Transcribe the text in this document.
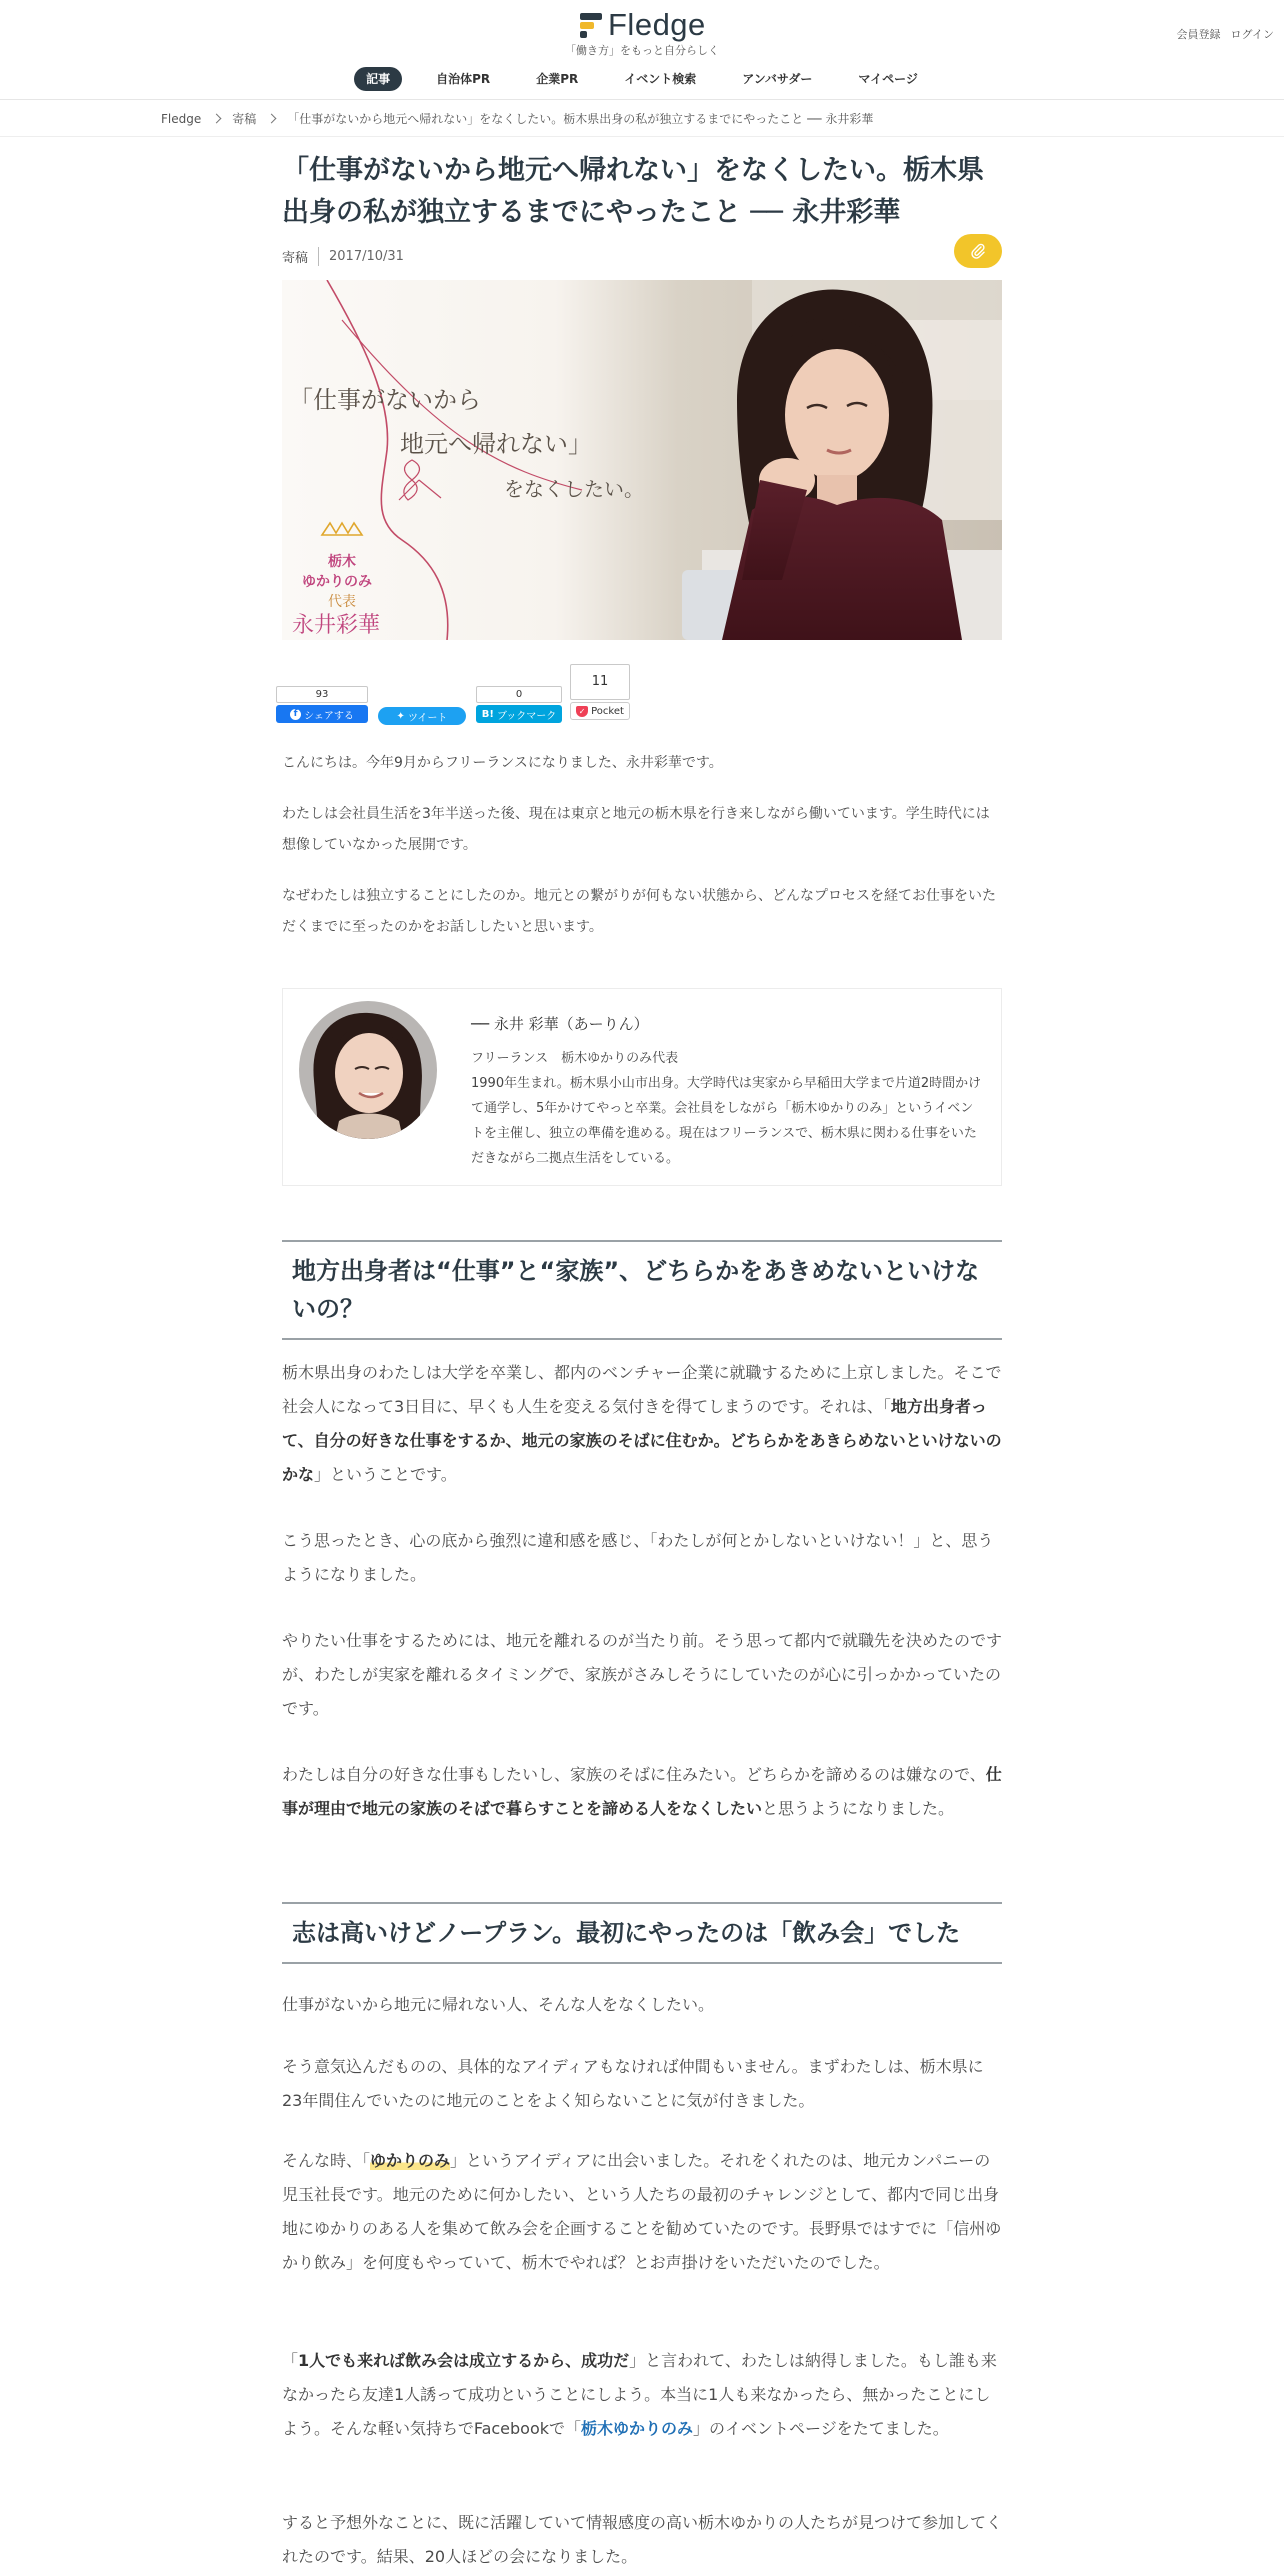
Fledge
「働き方」をもっと自分らしく
会員登録 ログイン
記事	自治体PR	企業PR	イベント検索	アンバサダー	マイページ
Fledge	寄稿	「仕事がないから地元へ帰れない」をなくしたい。栃木県出身の私が独立するまでにやったこと ── 永井彩華
「仕事がないから地元へ帰れない」をなくしたい。栃木県出身の私が独立するまでにやったこと ── 永井彩華
寄稿	2017/10/31
「仕事がないから
地元へ帰れない」
をなくしたい。
栃木
ゆかりのみ
代表
永井彩華
93
f シェアする	✦ ツイート
0
B! ブックマーク
11
✓ Pocket

こんにちは。今年9月からフリーランスになりました、永井彩華です。

わたしは会社員生活を3年半送った後、現在は東京と地元の栃木県を行き来しながら働いています。学生時代には想像していなかった展開です。

なぜわたしは独立することにしたのか。地元との繋がりが何もない状態から、どんなプロセスを経てお仕事をいただくまでに至ったのかをお話ししたいと思います。

── 永井 彩華（あーりん）
フリーランス　栃木ゆかりのみ代表
1990年生まれ。栃木県小山市出身。大学時代は実家から早稲田大学まで片道2時間かけて通学し、5年かけてやっと卒業。会社員をしながら「栃木ゆかりのみ」というイベントを主催し、独立の準備を進める。現在はフリーランスで、栃木県に関わる仕事をいただきながら二拠点生活をしている。
地方出身者は“仕事”と“家族”、どちらかをあきめないといけないの？
栃木県出身のわたしは大学を卒業し、都内のベンチャー企業に就職するために上京しました。そこで社会人になって3日目に、早くも人生を変える気付きを得てしまうのです。それは、「地方出身者って、自分の好きな仕事をするか、地元の家族のそばに住むか。どちらかをあきらめないといけないのかな」ということです。
こう思ったとき、心の底から強烈に違和感を感じ、「わたしが何とかしないといけない！」と、思うようになりました。
やりたい仕事をするためには、地元を離れるのが当たり前。そう思って都内で就職先を決めたのですが、わたしが実家を離れるタイミングで、家族がさみしそうにしていたのが心に引っかかっていたのです。
わたしは自分の好きな仕事もしたいし、家族のそばに住みたい。どちらかを諦めるのは嫌なので、仕事が理由で地元の家族のそばで暮らすことを諦める人をなくしたいと思うようになりました。
志は高いけどノープラン。最初にやったのは「飲み会」でした
仕事がないから地元に帰れない人、そんな人をなくしたい。
そう意気込んだものの、具体的なアイディアもなければ仲間もいません。まずわたしは、栃木県に23年間住んでいたのに地元のことをよく知らないことに気が付きました。
そんな時、「ゆかりのみ」というアイディアに出会いました。それをくれたのは、地元カンパニーの児玉社長です。地元のために何かしたい、という人たちの最初のチャレンジとして、都内で同じ出身地にゆかりのある人を集めて飲み会を企画することを勧めていたのです。長野県ではすでに「信州ゆかり飲み」を何度もやっていて、栃木でやれば？とお声掛けをいただいたのでした。
「1人でも来れば飲み会は成立するから、成功だ」と言われて、わたしは納得しました。もし誰も来なかったら友達1人誘って成功ということにしよう。本当に1人も来なかったら、無かったことにしよう。そんな軽い気持ちでFacebookで「栃木ゆかりのみ」のイベントページをたてました。
すると予想外なことに、既に活躍していて情報感度の高い栃木ゆかりの人たちが見つけて参加してくれたのです。結果、20人ほどの会になりました。
